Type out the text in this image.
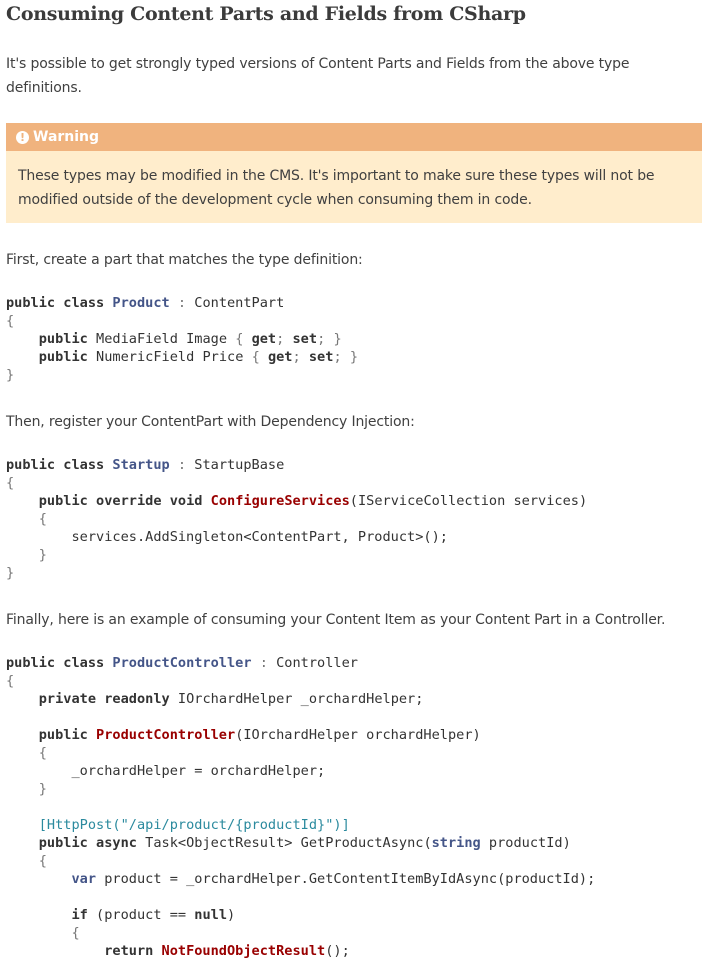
Consuming Content Parts and Fields from CSharp

It's possible to get strongly typed versions of Content Parts and Fields from the above type
definitions.

! Warning
These types may be modified in the CMS. It's important to make sure these types will not be
modified outside of the development cycle when consuming them in code.

First, create a part that matches the type definition:

public class Product : ContentPart
{
public MediaField Image { get; set; }
public NumericField Price { get; set; }
}

Then, register your ContentPart with Dependency Injection:

public class Startup : StartupBase
{
public override void ConfigureServices(IServiceCollection services)
{
services.AddSingleton<ContentPart, Product>();
}
}

Finally, here is an example of consuming your Content Item as your Content Part in a Controller.

public class ProductController : Controller
{
private readonly IOrchardHelper _orchardHelper;

public ProductController(IOrchardHelper orchardHelper)
{
_orchardHelper = orchardHelper;
}

[HttpPost("/api/product/{productId}")]
public async Task<ObjectResult> GetProductAsync(string productId)
{
var product = _orchardHelper.GetContentItemByIdAsync(productId);

if (product == null)
{
return NotFoundObjectResult();
